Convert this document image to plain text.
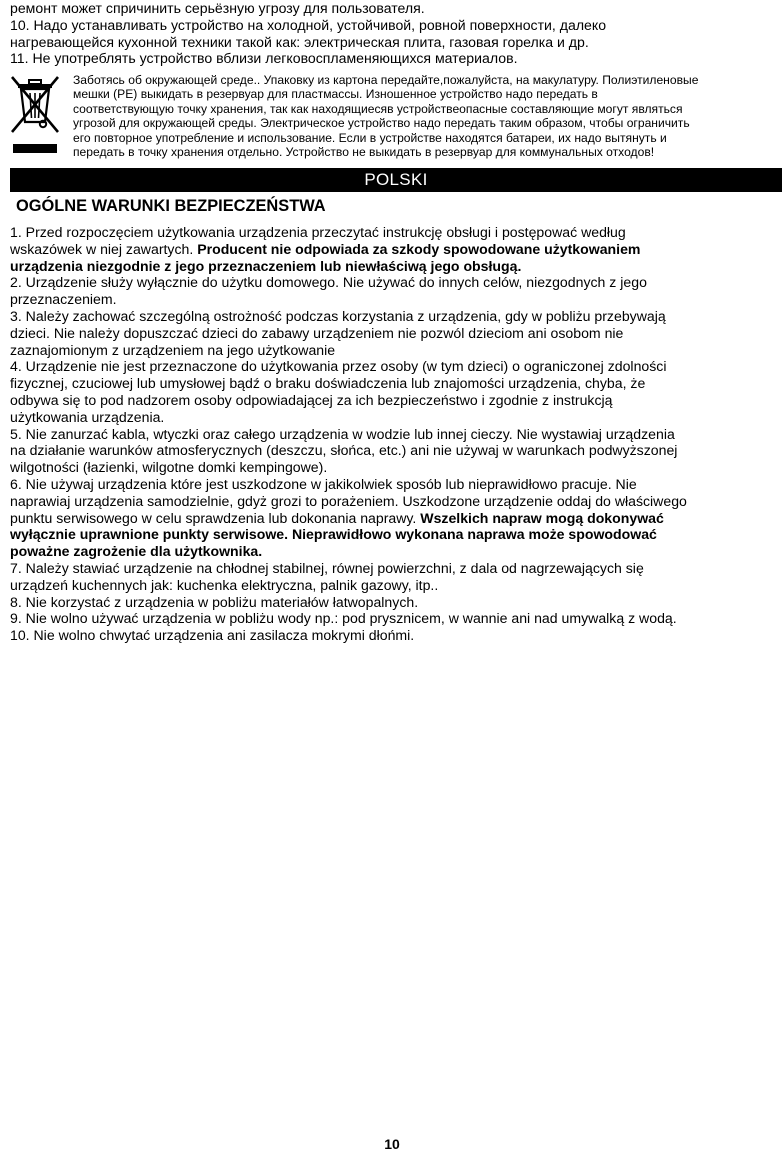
ремонт может спричинить серьёзную угрозу для пользователя.

10. Надо устанавливать устройство на холодной, устойчивой, ровной поверхности, далеко

нагревающейся кухонной техники такой как: электрическая плита, газовая горелка и др.

11. Не употреблять устройство вблизи легковоспламеняющихся материалов.

Заботясь об окружающей среде.. Упаковку из картона передайте,пожалуйста, на макулатуру. Полиэтиленовые

мешки (PE) выкидать в резервуар для пластмассы. Изношенное устройство надо передать в

соответствующую точку хранения, так как находящиесяв устройствеопасные составляющие могут являться

угрозой для окружающей среды. Электрическое устройство надо передать таким образом, чтобы ограничить

его повторное употребление и использование. Если в устройстве находятся батареи, их надо вытянуть и

передать в точку хранения отдельно. Устройство не выкидать в резервуар для коммунальных отходов!

POLSKI
OGÓLNE WARUNKI BEZPIECZEŃSTWA

1. Przed rozpoczęciem użytkowania urządzenia przeczytać instrukcję obsługi i postępować według

wskazówek w niej zawartych. Producent nie odpowiada za szkody spowodowane użytkowaniem

urządzenia niezgodnie z jego przeznaczeniem lub niewłaściwą jego obsługą.

2. Urządzenie służy wyłącznie do użytku domowego. Nie używać do innych celów, niezgodnych z jego

przeznaczeniem.

3. Należy zachować szczególną ostrożność podczas korzystania z urządzenia, gdy w pobliżu przebywają

dzieci. Nie należy dopuszczać dzieci do zabawy urządzeniem nie pozwól dzieciom ani osobom nie

zaznajomionym z urządzeniem na jego użytkowanie

4. Urządzenie nie jest przeznaczone do użytkowania przez osoby (w tym dzieci) o ograniczonej zdolności

fizycznej, czuciowej lub umysłowej bądź o braku doświadczenia lub znajomości urządzenia, chyba, że

odbywa się to pod nadzorem osoby odpowiadającej za ich bezpieczeństwo i zgodnie z instrukcją

użytkowania urządzenia.

5. Nie zanurzać kabla, wtyczki oraz całego urządzenia w wodzie lub innej cieczy. Nie wystawiaj urządzenia

na działanie warunków atmosferycznych (deszczu, słońca, etc.) ani nie używaj w warunkach podwyższonej

wilgotności (łazienki, wilgotne domki kempingowe).

6. Nie używaj urządzenia które jest uszkodzone w jakikolwiek sposób lub nieprawidłowo pracuje. Nie

naprawiaj urządzenia samodzielnie, gdyż grozi to porażeniem. Uszkodzone urządzenie oddaj do właściwego

punktu serwisowego w celu sprawdzenia lub dokonania naprawy. Wszelkich napraw mogą dokonywać

wyłącznie uprawnione punkty serwisowe. Nieprawidłowo wykonana naprawa może spowodować

poważne zagrożenie dla użytkownika.

7. Należy stawiać urządzenie na chłodnej stabilnej, równej powierzchni, z dala od nagrzewających się

urządzeń kuchennych jak: kuchenka elektryczna, palnik gazowy, itp..

8. Nie korzystać z urządzenia w pobliżu materiałów łatwopalnych.

9. Nie wolno używać urządzenia w pobliżu wody np.: pod prysznicem, w wannie ani nad umywalką z wodą.

10. Nie wolno chwytać urządzenia ani zasilacza mokrymi dłońmi.

10
